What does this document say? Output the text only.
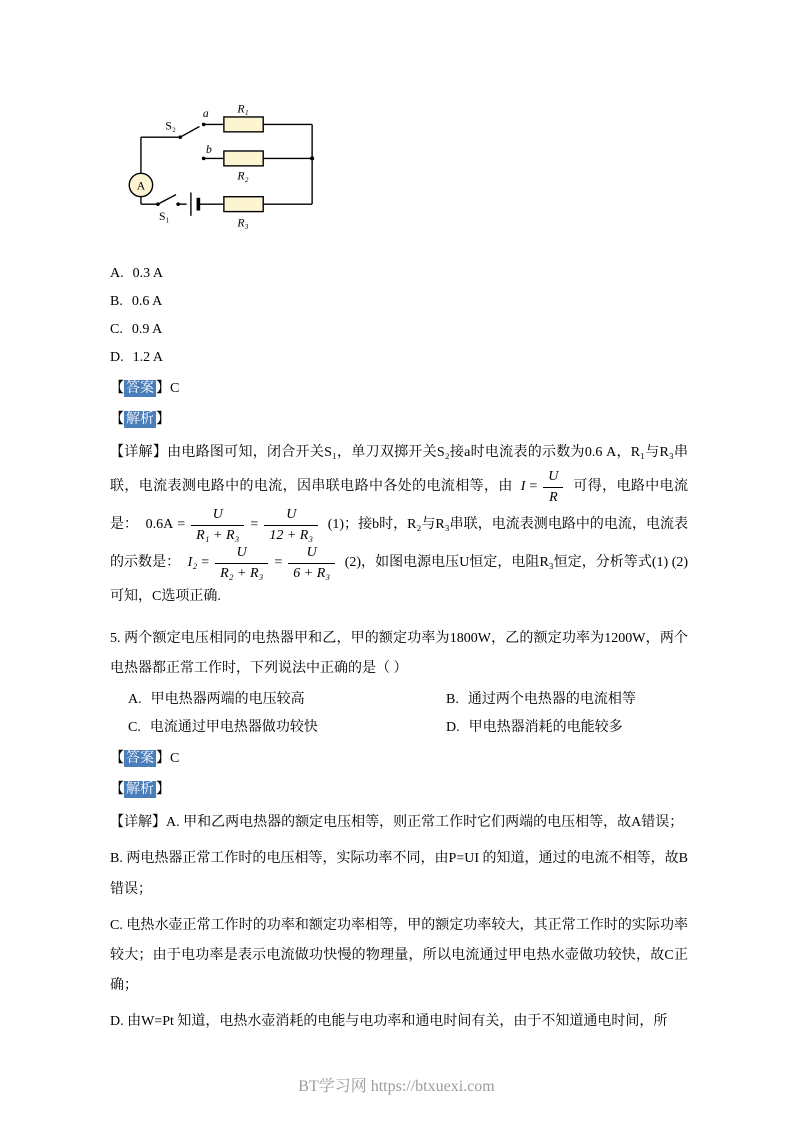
A
S₂
a	R₁
b
R₂
S₁	R₃
A. 0.3 A
B. 0.6 A
C. 0.9 A
D. 1.2 A

【 答案 】C

【 解析 】

【详解】由电路图可知，闭合开关S₁，单刀双掷开关S₂接a时电流表的示数为0.6 A，R₁与R₃串联，电流表测电路中的电流，因串联电路中各处的电流相等，由 $I = \frac{U}{R}$ 可得，电路中电流是： $0.6A = \frac{U}{\text{R₁ + R₃}} = \frac{U}{\text{12 + R₃}} (1)$；接b时，R₂与R₃串联，电流表测电路中的电流，电流表的示数是： $I_2 = \frac{U}{\text{R₂ + R₃}} = \frac{U}{\text{6 + R₃}} (2)$，如图电源电压U恒定，电阻R₃恒定，分析等式(1) (2)可知，C选项正确.

5. 两个额定电压相同的电热器甲和乙，甲的额定功率为1800W，乙的额定功率为1200W，两个电热器都正常工作时，下列说法中正确的是（ ）

A. 甲电热器两端的电压较高	B. 通过两个电热器的电流相等
C. 电流通过甲电热器做功较快	D. 甲电热器消耗的电能较多

【 答案 】C

【 解析 】

【详解】A. 甲和乙两电热器的额定电压相等，则正常工作时它们两端的电压相等，故A错误；

B. 两电热器正常工作时的电压相等，实际功率不同，由P=UI 的知道，通过的电流不相等，故B错误；

C. 电热水壶正常工作时的功率和额定功率相等，甲的额定功率较大，其正常工作时的实际功率较大；由于电功率是表示电流做功快慢的物理量，所以电流通过甲电热水壶做功较快，故C正确；

D. 由W=Pt 知道，电热水壶消耗的电能与电功率和通电时间有关，由于不知道通电时间，所

BT学习网 https://btxuexi.com
